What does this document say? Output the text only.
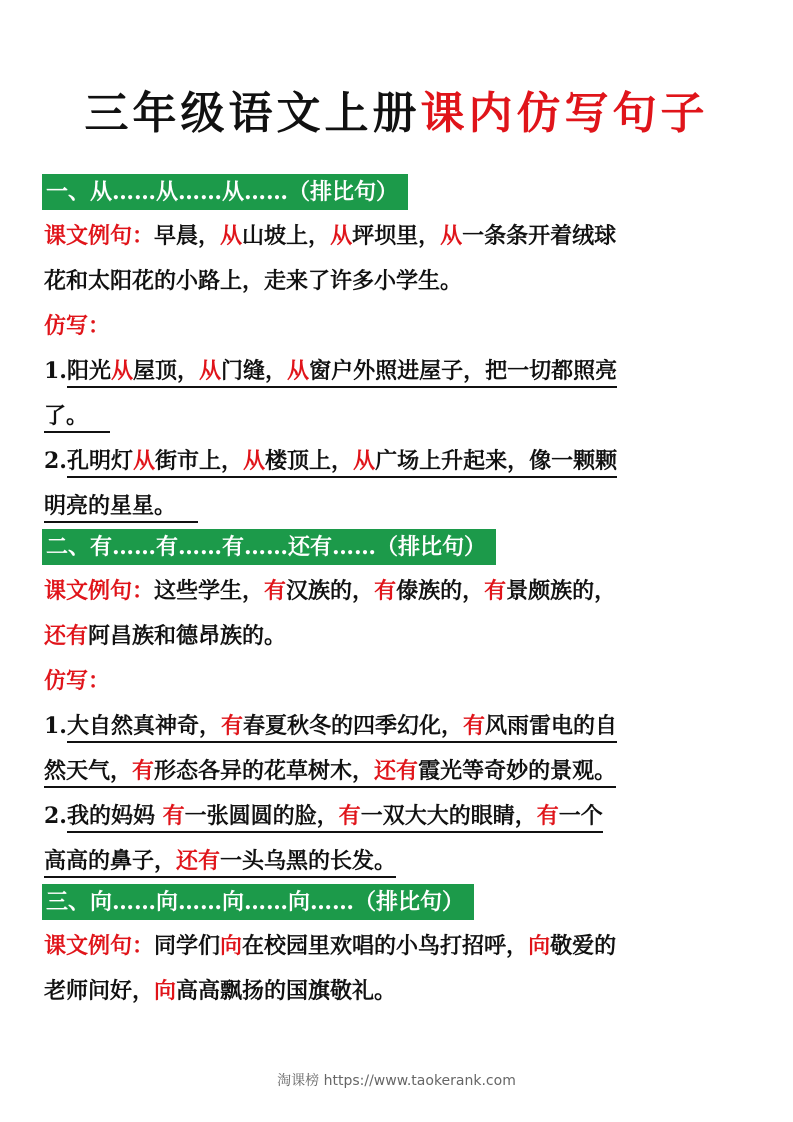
三年级语文上册课内仿写句子
一、从……从……从……（排比句）
课文例句：早晨，从山坡上，从坪坝里，从一条条开着绒球
花和太阳花的小路上，走来了许多小学生。
仿写：
1.阳光从屋顶，从门缝，从窗户外照进屋子，把一切都照亮
了。 
2.孔明灯从街市上，从楼顶上，从广场上升起来，像一颗颗
明亮的星星。 
二、有……有……有……还有……（排比句）
课文例句：这些学生，有汉族的，有傣族的，有景颇族的，
还有阿昌族和德昂族的。
仿写：
1.大自然真神奇，有春夏秋冬的四季幻化，有风雨雷电的自
然天气，有形态各异的花草树木，还有霞光等奇妙的景观。
2.我的妈妈 有一张圆圆的脸，有一双大大的眼睛，有一个
高高的鼻子，还有一头乌黑的长发。
三、向……向……向……向……（排比句）
课文例句：同学们向在校园里欢唱的小鸟打招呼，向敬爱的
老师问好，向高高飘扬的国旗敬礼。
淘课榜 https://www.taokerank.com
